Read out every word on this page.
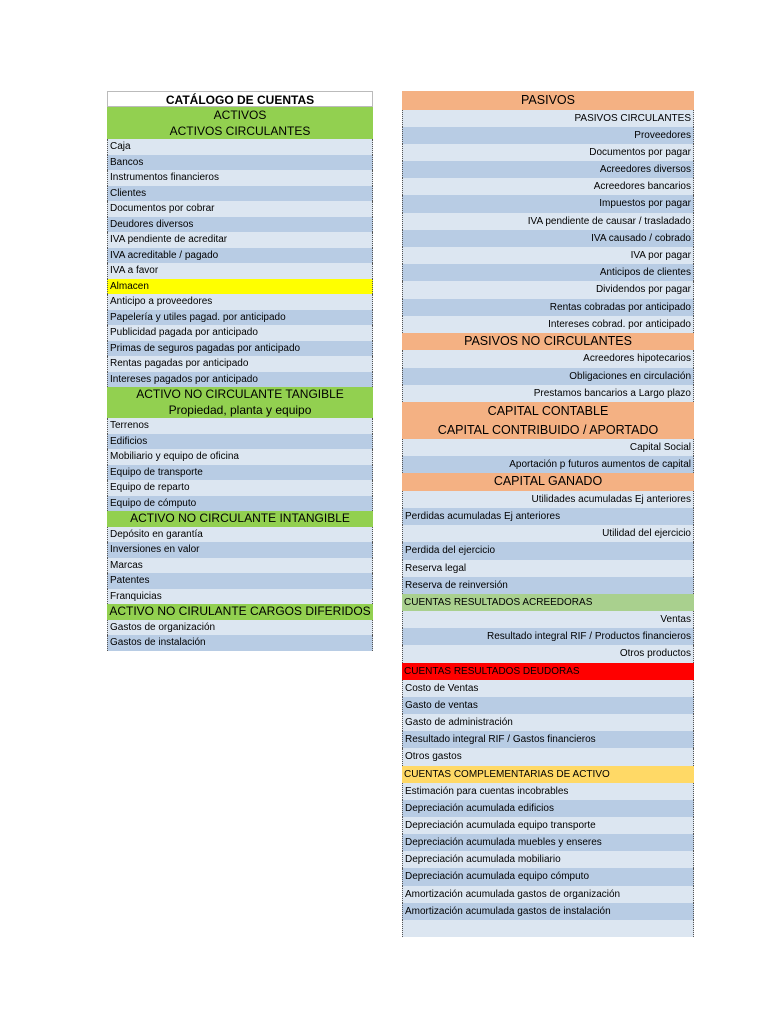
CATÁLOGO DE CUENTAS
ACTIVOS
ACTIVOS CIRCULANTES
Caja
Bancos
Instrumentos financieros
Clientes
Documentos por cobrar
Deudores diversos
IVA pendiente de acreditar
IVA acreditable / pagado
IVA a favor
Almacen
Anticipo a proveedores
Papelería y utiles pagad. por anticipado
Publicidad pagada por anticipado
Primas de seguros pagadas por anticipado
Rentas pagadas por anticipado
Intereses pagados por anticipado
ACTIVO NO CIRCULANTE TANGIBLE
Propiedad, planta y equipo
Terrenos
Edificios
Mobiliario y equipo de oficina
Equipo de transporte
Equipo de reparto
Equipo de cómputo
ACTIVO NO CIRCULANTE INTANGIBLE
Depósito en garantía
Inversiones en valor
Marcas
Patentes
Franquicias
ACTIVO NO CIRULANTE CARGOS DIFERIDOS
Gastos de organización
Gastos de instalación
PASIVOS
PASIVOS CIRCULANTES
Proveedores
Documentos por pagar
Acreedores diversos
Acreedores bancarios
Impuestos por pagar
IVA pendiente de causar / trasladado
IVA causado / cobrado
IVA por pagar
Anticipos de clientes
Dividendos por pagar
Rentas cobradas por anticipado
Intereses cobrad. por anticipado
PASIVOS NO CIRCULANTES
Acreedores hipotecarios
Obligaciones en circulación
Prestamos bancarios a Largo plazo
CAPITAL CONTABLE
CAPITAL CONTRIBUIDO / APORTADO
Capital Social
Aportación p futuros aumentos de capital
CAPITAL GANADO
Utilidades acumuladas Ej anteriores
Perdidas acumuladas Ej anteriores
Utilidad del ejercicio
Perdida del ejercicio
Reserva legal
Reserva de reinversión
CUENTAS RESULTADOS ACREEDORAS
Ventas
Resultado integral RIF / Productos financieros
Otros productos
CUENTAS RESULTADOS DEUDORAS
Costo de Ventas
Gasto de ventas
Gasto de administración
Resultado integral RIF / Gastos financieros
Otros gastos
CUENTAS COMPLEMENTARIAS DE ACTIVO
Estimación para cuentas incobrables
Depreciación acumulada edificios
Depreciación acumulada equipo transporte
Depreciación acumulada muebles y enseres
Depreciación acumulada mobiliario
Depreciación acumulada equipo cómputo
Amortización acumulada gastos de organización
Amortización acumulada gastos de instalación
